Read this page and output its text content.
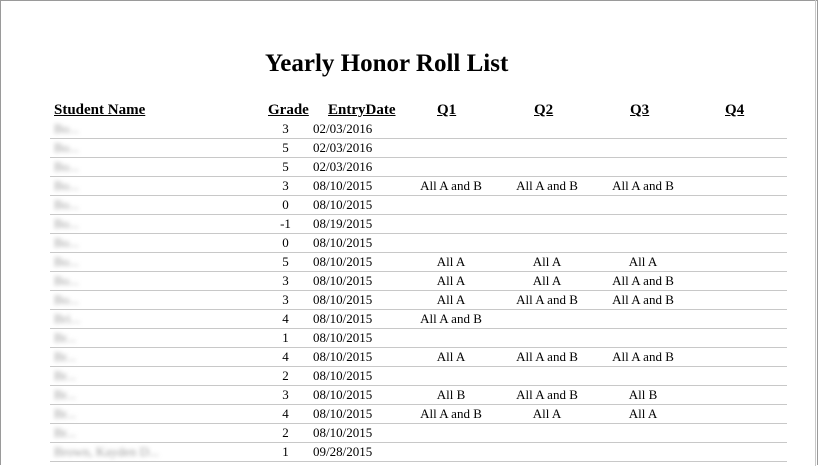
Yearly Honor Roll List
Student Name	Grade EntryDate	Q1	Q2	Q3	Q4
Bo...	3	02/03/2016				
Bo...	5	02/03/2016				
Bo...	5	02/03/2016				
Bo...	3	08/10/2015	All A and B	All A and B	All A and B	
Bo...	0	08/10/2015				
Bo...	-1	08/19/2015				
Bo...	0	08/10/2015				
Bo...	5	08/10/2015	All A	All A	All A	
Bo...	3	08/10/2015	All A	All A	All A and B	
Bo...	3	08/10/2015	All A	All A and B	All A and B	
Bri...	4	08/10/2015	All A and B			
Br...	1	08/10/2015				
Br...	4	08/10/2015	All A	All A and B	All A and B	
Br...	2	08/10/2015				
Br...	3	08/10/2015	All B	All A and B	All B	
Br...	4	08/10/2015	All A and B	All A	All A	
Br...	2	08/10/2015				
Brown, Kayden D...	1	09/28/2015				
